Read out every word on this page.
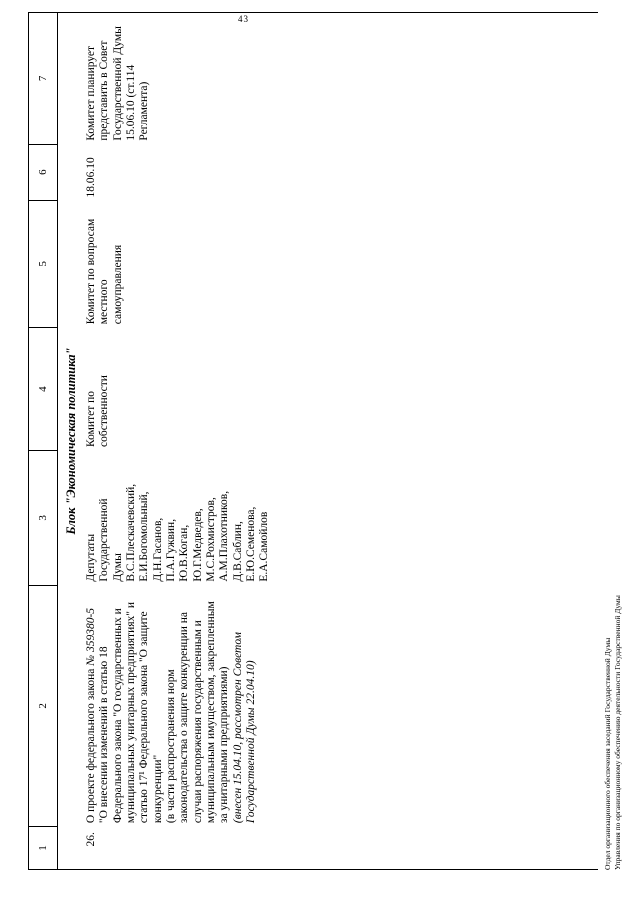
43
1
2
3
4
5
6
7
Блок "Экономическая политика"
26.
О проекте федерального закона № 359380-5 "О внесении изменений в статью 18 Федерального закона "О государственных и муниципальных унитарных предприятиях" и статью 17¹ Федерального закона "О защите конкуренции" (в части распространения норм законодательства о защите конкуренции на случаи распоряжения государственным и муниципальным имуществом, закрепленным за унитарными предприятиями) (внесен 15.04.10, рассмотрен Советом Государственной Думы 22.04.10)
Депутаты Государственной Думы В.С.Плескачевский, Е.И.Богомольный, Д.Н.Гасанов, П.А.Гужвин, Ю.В.Коган, Ю.Г.Медведев, М.С.Рохмистров, А.М.Плахотников, Д.В.Саблин, Е.Ю.Семенова, Е.А.Самойлов
Комитет по собственности
Комитет по вопросам местного самоуправления
18.06.10
Комитет планирует представить в Совет Государственной Думы 15.06.10 (ст.114 Регламента)
Отдел организационного обеспечения заседаний Государственной Думы Управления по организационному обеспечению деятельности Государственной Думы
